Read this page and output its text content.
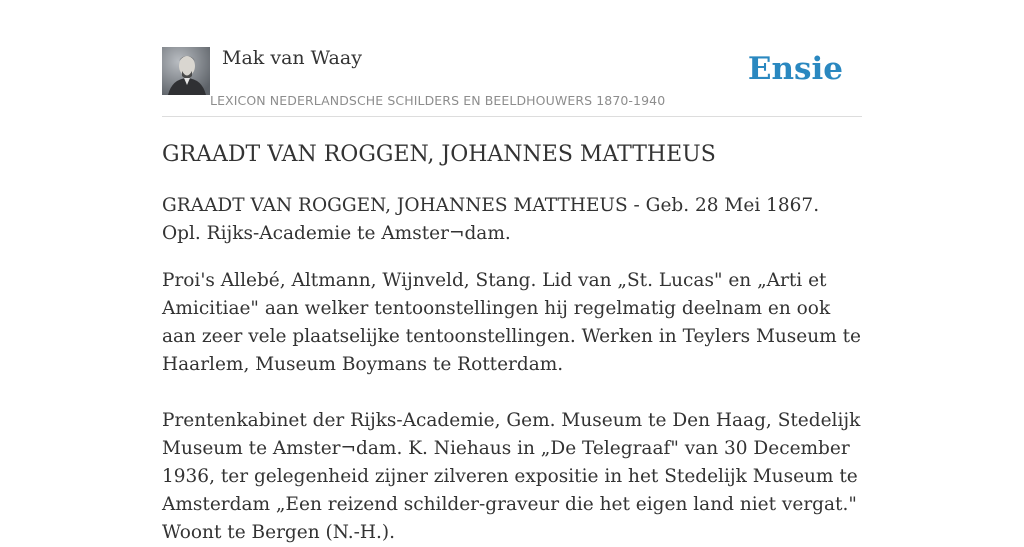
Mak van Waay
LEXICON NEDERLANDSCHE SCHILDERS EN BEELDHOUWERS 1870-1940
Ensie
GRAADT VAN ROGGEN, JOHANNES MATTHEUS

GRAADT VAN ROGGEN, JOHANNES MATTHEUS - Geb. 28 Mei 1867. Opl. Rijks-Academie te Amster¬dam.

Proi's Allebé, Altmann, Wijnveld, Stang. Lid van „St. Lucas" en „Arti et Amicitiae" aan welker tentoonstellingen hij regelmatig deelnam en ook aan zeer vele plaatselijke tentoonstellingen. Werken in Teylers Museum te Haarlem, Museum Boymans te Rotterdam.

Prentenkabinet der Rijks-Academie, Gem. Museum te Den Haag, Stedelijk Museum te Amster¬dam. K. Niehaus in „De Telegraaf" van 30 December 1936, ter gelegenheid zijner zilveren expositie in het Stedelijk Museum te Amsterdam „Een reizend schilder-graveur die het eigen land niet vergat." Woont te Bergen (N.-H.).
